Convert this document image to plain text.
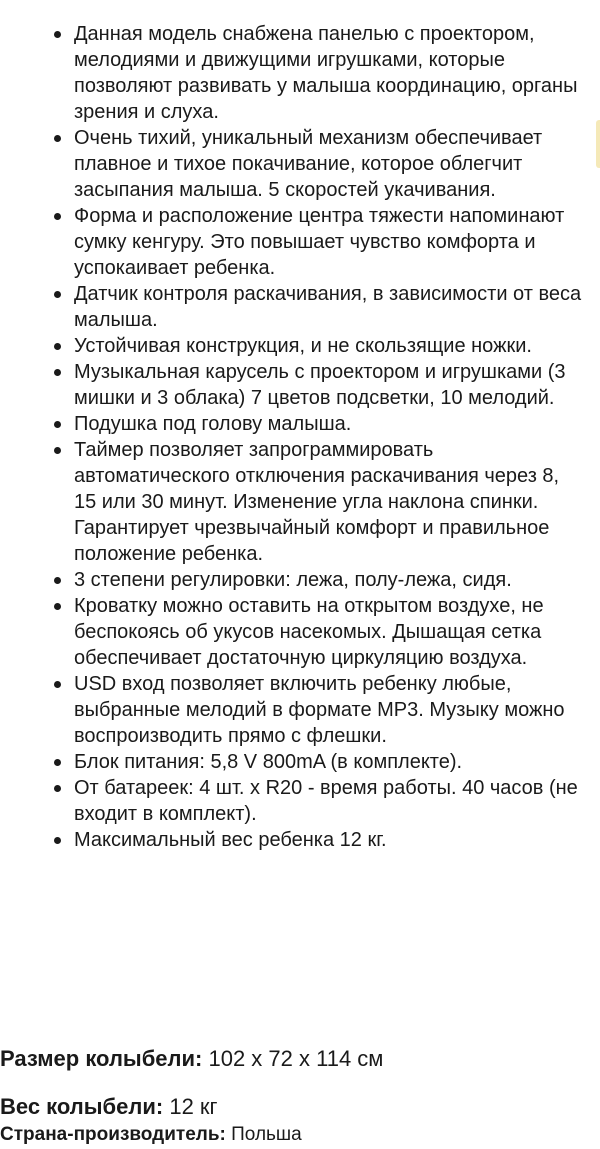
Данная модель снабжена панелью с проектором, мелодиями и движущими игрушками, которые позволяют развивать у малыша координацию, органы зрения и слуха.
Очень тихий, уникальный механизм обеспечивает плавное и тихое покачивание, которое облегчит засыпания малыша. 5 скоростей укачивания.
Форма и расположение центра тяжести напоминают сумку кенгуру. Это повышает чувство комфорта и успокаивает ребенка.
Датчик контроля раскачивания, в зависимости от веса малыша.
Устойчивая конструкция, и не скользящие ножки.
Музыкальная карусель с проектором и игрушками (3 мишки и 3 облака) 7 цветов подсветки, 10 мелодий.
Подушка под голову малыша.
Таймер позволяет запрограммировать автоматического отключения раскачивания через 8, 15 или 30 минут. Изменение угла наклона спинки. Гарантирует чрезвычайный комфорт и правильное положение ребенка.
3 степени регулировки: лежа, полу-лежа, сидя.
Кроватку можно оставить на открытом воздухе, не беспокоясь об укусов насекомых. Дышащая сетка обеспечивает достаточную циркуляцию воздуха.
USD вход позволяет включить ребенку любые, выбранные мелодий в формате MP3. Музыку можно воспроизводить прямо с флешки.
Блок питания: 5,8 V 800mA (в комплекте).
От батареек: 4 шт. x R20 - время работы. 40 часов (не входит в комплект).
Максимальный вес ребенка 12 кг.

Размер колыбели: 102 x 72 x 114 см

Вес колыбели: 12 кг

Страна-производитель: Польша
